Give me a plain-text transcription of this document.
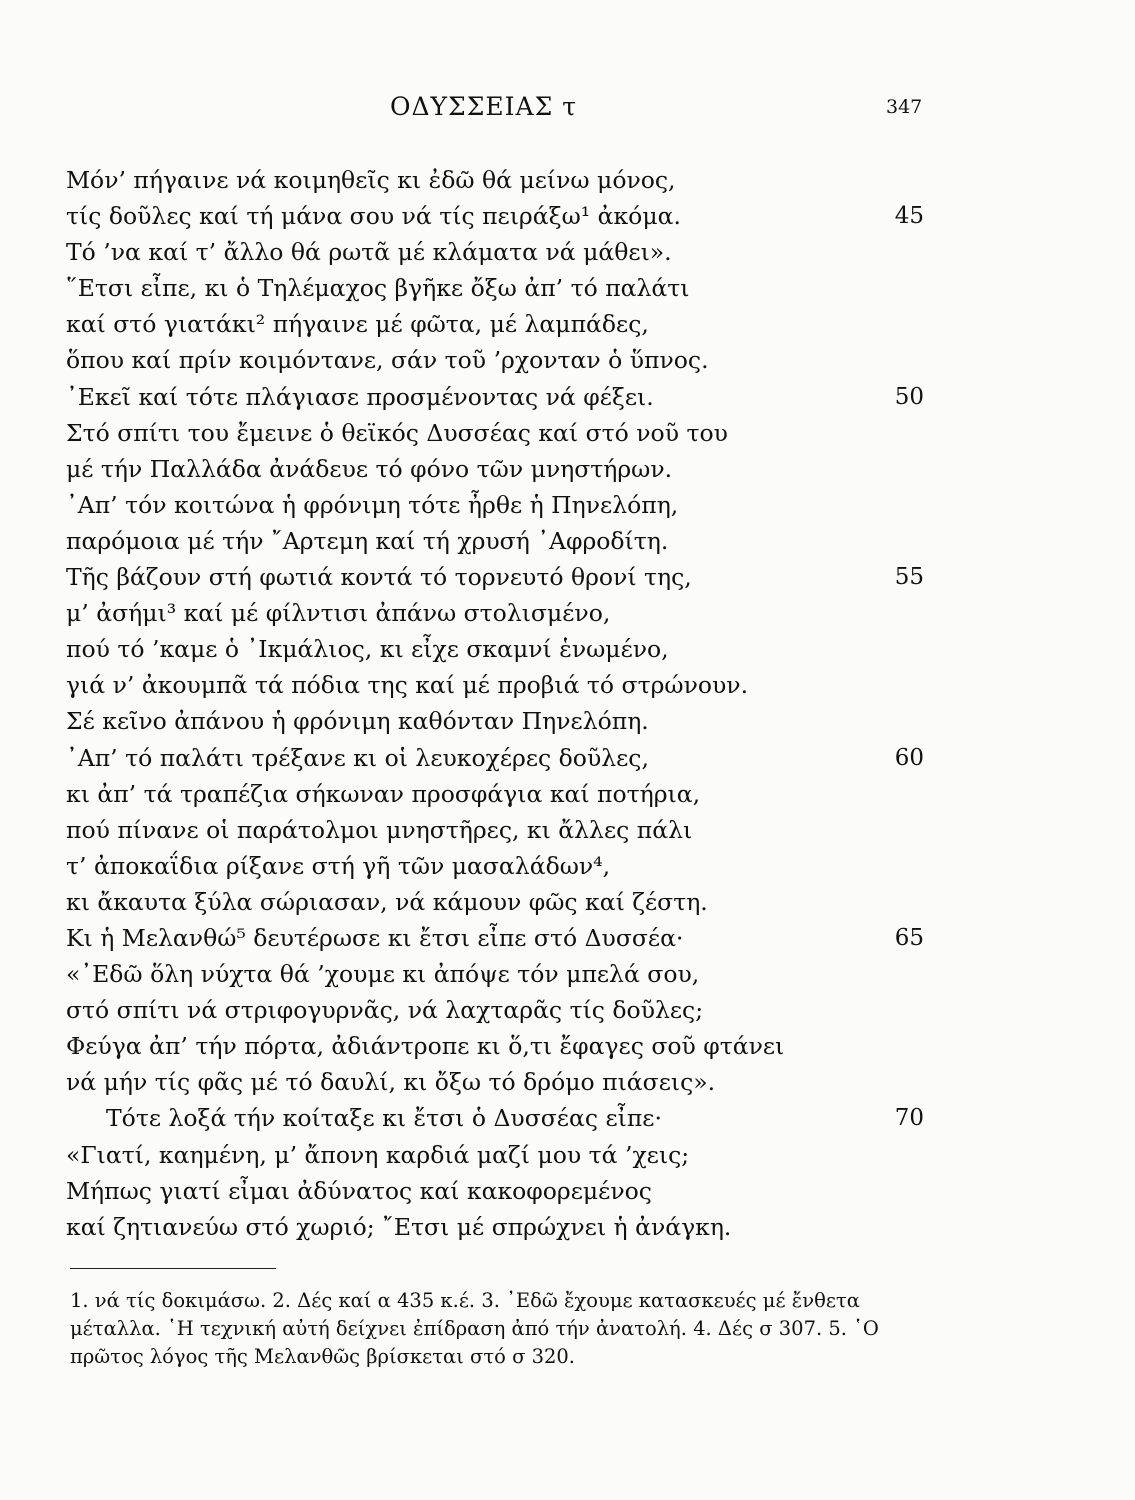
ΟΔΥΣΣΕΙΑΣ τ	347
Μόν’ πήγαινε νά κοιμηθεῖς κι ἐδῶ θά μείνω μόνος,
τίς δοῦλες καί τή μάνα σου νά τίς πειράξω¹ ἀκόμα.	45
Τό ’να καί τ’ ἄλλο θά ρωτᾶ μέ κλάματα νά μάθει».
῞Ετσι εἶπε, κι ὁ Τηλέμαχος βγῆκε ὄξω ἀπ’ τό παλάτι
καί στό γιατάκι² πήγαινε μέ φῶτα, μέ λαμπάδες,
ὅπου καί πρίν κοιμόντανε, σάν τοῦ ’ρχονταν ὁ ὕπνος.
᾿Εκεῖ καί τότε πλάγιασε προσμένοντας νά φέξει.	50
Στό σπίτι του ἔμεινε ὁ θεϊκός Δυσσέας καί στό νοῦ του
μέ τήν Παλλάδα ἀνάδευε τό φόνο τῶν μνηστήρων.
᾿Απ’ τόν κοιτώνα ἡ φρόνιμη τότε ἦρθε ἡ Πηνελόπη,
παρόμοια μέ τήν ῎Αρτεμη καί τή χρυσή ᾿Αφροδίτη.
Τῆς βάζουν στή φωτιά κοντά τό τορνευτό θρονί της,	55
μ’ ἀσήμι³ καί μέ φίλντισι ἀπάνω στολισμένο,
πού τό ’καμε ὁ ᾿Ικμάλιος, κι εἶχε σκαμνί ἑνωμένο,
γιά ν’ ἀκουμπᾶ τά πόδια της καί μέ προβιά τό στρώνουν.
Σέ κεῖνο ἀπάνου ἡ φρόνιμη καθόνταν Πηνελόπη.
᾿Απ’ τό παλάτι τρέξανε κι οἱ λευκοχέρες δοῦλες,	60
κι ἀπ’ τά τραπέζια σήκωναν προσφάγια καί ποτήρια,
πού πίνανε οἱ παράτολμοι μνηστῆρες, κι ἄλλες πάλι
τ’ ἀποκαΐδια ρίξανε στή γῆ τῶν μασαλάδων⁴,
κι ἄκαυτα ξύλα σώριασαν, νά κάμουν φῶς καί ζέστη.
Κι ἡ Μελανθώ⁵ δευτέρωσε κι ἔτσι εἶπε στό Δυσσέα·	65
«᾿Εδῶ ὅλη νύχτα θά ’χουμε κι ἀπόψε τόν μπελά σου,
στό σπίτι νά στριφογυρνᾶς, νά λαχταρᾶς τίς δοῦλες;
Φεύγα ἀπ’ τήν πόρτα, ἀδιάντροπε κι ὅ,τι ἔφαγες σοῦ φτάνει
νά μήν τίς φᾶς μέ τό δαυλί, κι ὄξω τό δρόμο πιάσεις».
Τότε λοξά τήν κοίταξε κι ἔτσι ὁ Δυσσέας εἶπε·	70
«Γιατί, καημένη, μ’ ἄπονη καρδιά μαζί μου τά ’χεις;
Μήπως γιατί εἶμαι ἀδύνατος καί κακοφορεμένος
καί ζητιανεύω στό χωριό; ῎Ετσι μέ σπρώχνει ἡ ἀνάγκη.
1. νά τίς δοκιμάσω. 2. Δές καί α 435 κ.έ. 3. ᾿Εδῶ ἔχουμε κατασκευές μέ ἔνθετα
μέταλλα. ῾Η τεχνική αὐτή δείχνει ἐπίδραση ἀπό τήν ἀνατολή. 4. Δές σ 307. 5. ῾Ο
πρῶτος λόγος τῆς Μελανθῶς βρίσκεται στό σ 320.
